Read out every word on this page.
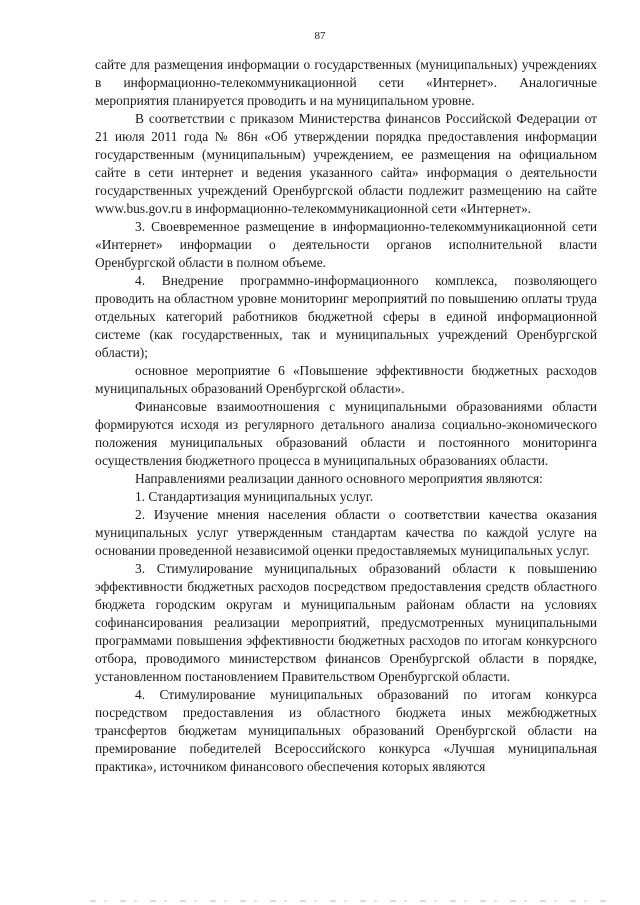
87

сайте для размещения информации о государственных (муниципальных) учреждениях в информационно-телекоммуникационной сети «Интернет». Аналогичные мероприятия планируется проводить и на муниципальном уровне.

В соответствии с приказом Министерства финансов Российской Федерации от 21 июля 2011 года № 86н «Об утверждении порядка предоставления информации государственным (муниципальным) учреждением, ее размещения на официальном сайте в сети интернет и ведения указанного сайта» информация о деятельности государственных учреждений Оренбургской области подлежит размещению на сайте www.bus.gov.ru в информационно-телекоммуникационной сети «Интернет».

3. Своевременное размещение в информационно-телекоммуникационной сети «Интернет» информации о деятельности органов исполнительной власти Оренбургской области в полном объеме.

4. Внедрение программно-информационного комплекса, позволяющего проводить на областном уровне мониторинг мероприятий по повышению оплаты труда отдельных категорий работников бюджетной сферы в единой информационной системе (как государственных, так и муниципальных учреждений Оренбургской области);

основное мероприятие 6 «Повышение эффективности бюджетных расходов муниципальных образований Оренбургской области».

Финансовые взаимоотношения с муниципальными образованиями области формируются исходя из регулярного детального анализа социально-экономического положения муниципальных образований области и постоянного мониторинга осуществления бюджетного процесса в муниципальных образованиях области.

Направлениями реализации данного основного мероприятия являются:

1. Стандартизация муниципальных услуг.

2. Изучение мнения населения области о соответствии качества оказания муниципальных услуг утвержденным стандартам качества по каждой услуге на основании проведенной независимой оценки предоставляемых муниципальных услуг.

3. Стимулирование муниципальных образований области к повышению эффективности бюджетных расходов посредством предоставления средств областного бюджета городским округам и муниципальным районам области на условиях софинансирования реализации мероприятий, предусмотренных муниципальными программами повышения эффективности бюджетных расходов по итогам конкурсного отбора, проводимого министерством финансов Оренбургской области в порядке, установленном постановлением Правительством Оренбургской области.

4. Стимулирование муниципальных образований по итогам конкурса посредством предоставления из областного бюджета иных межбюджетных трансфертов бюджетам муниципальных образований Оренбургской области на премирование победителей Всероссийского конкурса «Лучшая муниципальная практика», источником финансового обеспечения которых являются
